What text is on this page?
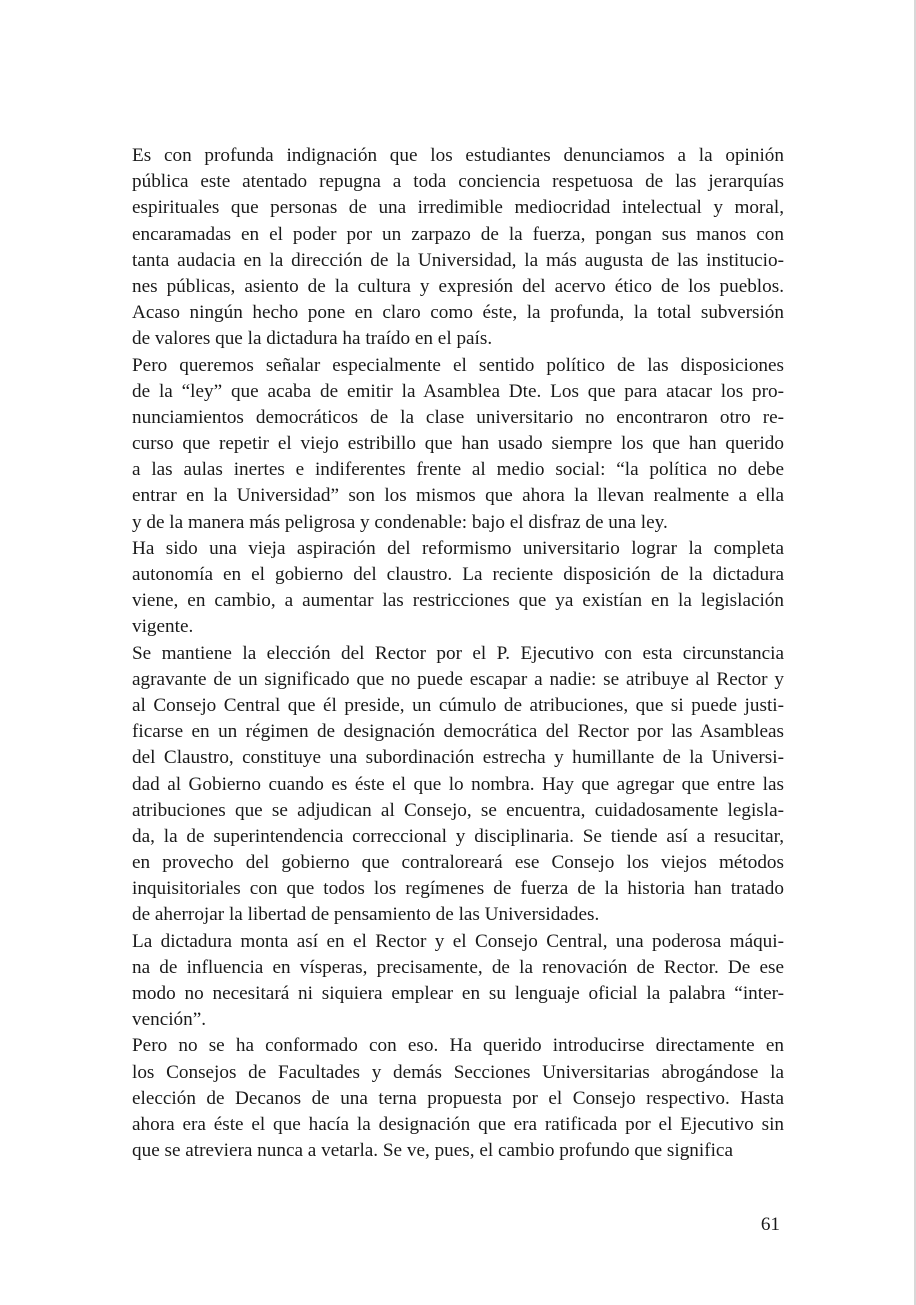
Es con profunda indignación que los estudiantes denunciamos a la opinión
pública este atentado repugna a toda conciencia respetuosa de las jerarquías
espirituales que personas de una irredimible mediocridad intelectual y moral,
encaramadas en el poder por un zarpazo de la fuerza, pongan sus manos con
tanta audacia en la dirección de la Universidad, la más augusta de las institucio-
nes públicas, asiento de la cultura y expresión del acervo ético de los pueblos.
Acaso ningún hecho pone en claro como éste, la profunda, la total subversión
de valores que la dictadura ha traído en el país.
Pero queremos señalar especialmente el sentido político de las disposiciones
de la “ley” que acaba de emitir la Asamblea Dte. Los que para atacar los pro-
nunciamientos democráticos de la clase universitario no encontraron otro re-
curso que repetir el viejo estribillo que han usado siempre los que han querido
a las aulas inertes e indiferentes frente al medio social: “la política no debe
entrar en la Universidad” son los mismos que ahora la llevan realmente a ella
y de la manera más peligrosa y condenable: bajo el disfraz de una ley.
Ha sido una vieja aspiración del reformismo universitario lograr la completa
autonomía en el gobierno del claustro. La reciente disposición de la dictadura
viene, en cambio, a aumentar las restricciones que ya existían en la legislación
vigente.
Se mantiene la elección del Rector por el P. Ejecutivo con esta circunstancia
agravante de un significado que no puede escapar a nadie: se atribuye al Rector y
al Consejo Central que él preside, un cúmulo de atribuciones, que si puede justi-
ficarse en un régimen de designación democrática del Rector por las Asambleas
del Claustro, constituye una subordinación estrecha y humillante de la Universi-
dad al Gobierno cuando es éste el que lo nombra. Hay que agregar que entre las
atribuciones que se adjudican al Consejo, se encuentra, cuidadosamente legisla-
da, la de superintendencia correccional y disciplinaria. Se tiende así a resucitar,
en provecho del gobierno que contraloreará ese Consejo los viejos métodos
inquisitoriales con que todos los regímenes de fuerza de la historia han tratado
de aherrojar la libertad de pensamiento de las Universidades.
La dictadura monta así en el Rector y el Consejo Central, una poderosa máqui-
na de influencia en vísperas, precisamente, de la renovación de Rector. De ese
modo no necesitará ni siquiera emplear en su lenguaje oficial la palabra “inter-
vención”.
Pero no se ha conformado con eso. Ha querido introducirse directamente en
los Consejos de Facultades y demás Secciones Universitarias abrogándose la
elección de Decanos de una terna propuesta por el Consejo respectivo. Hasta
ahora era éste el que hacía la designación que era ratificada por el Ejecutivo sin
que se atreviera nunca a vetarla. Se ve, pues, el cambio profundo que significa
61
